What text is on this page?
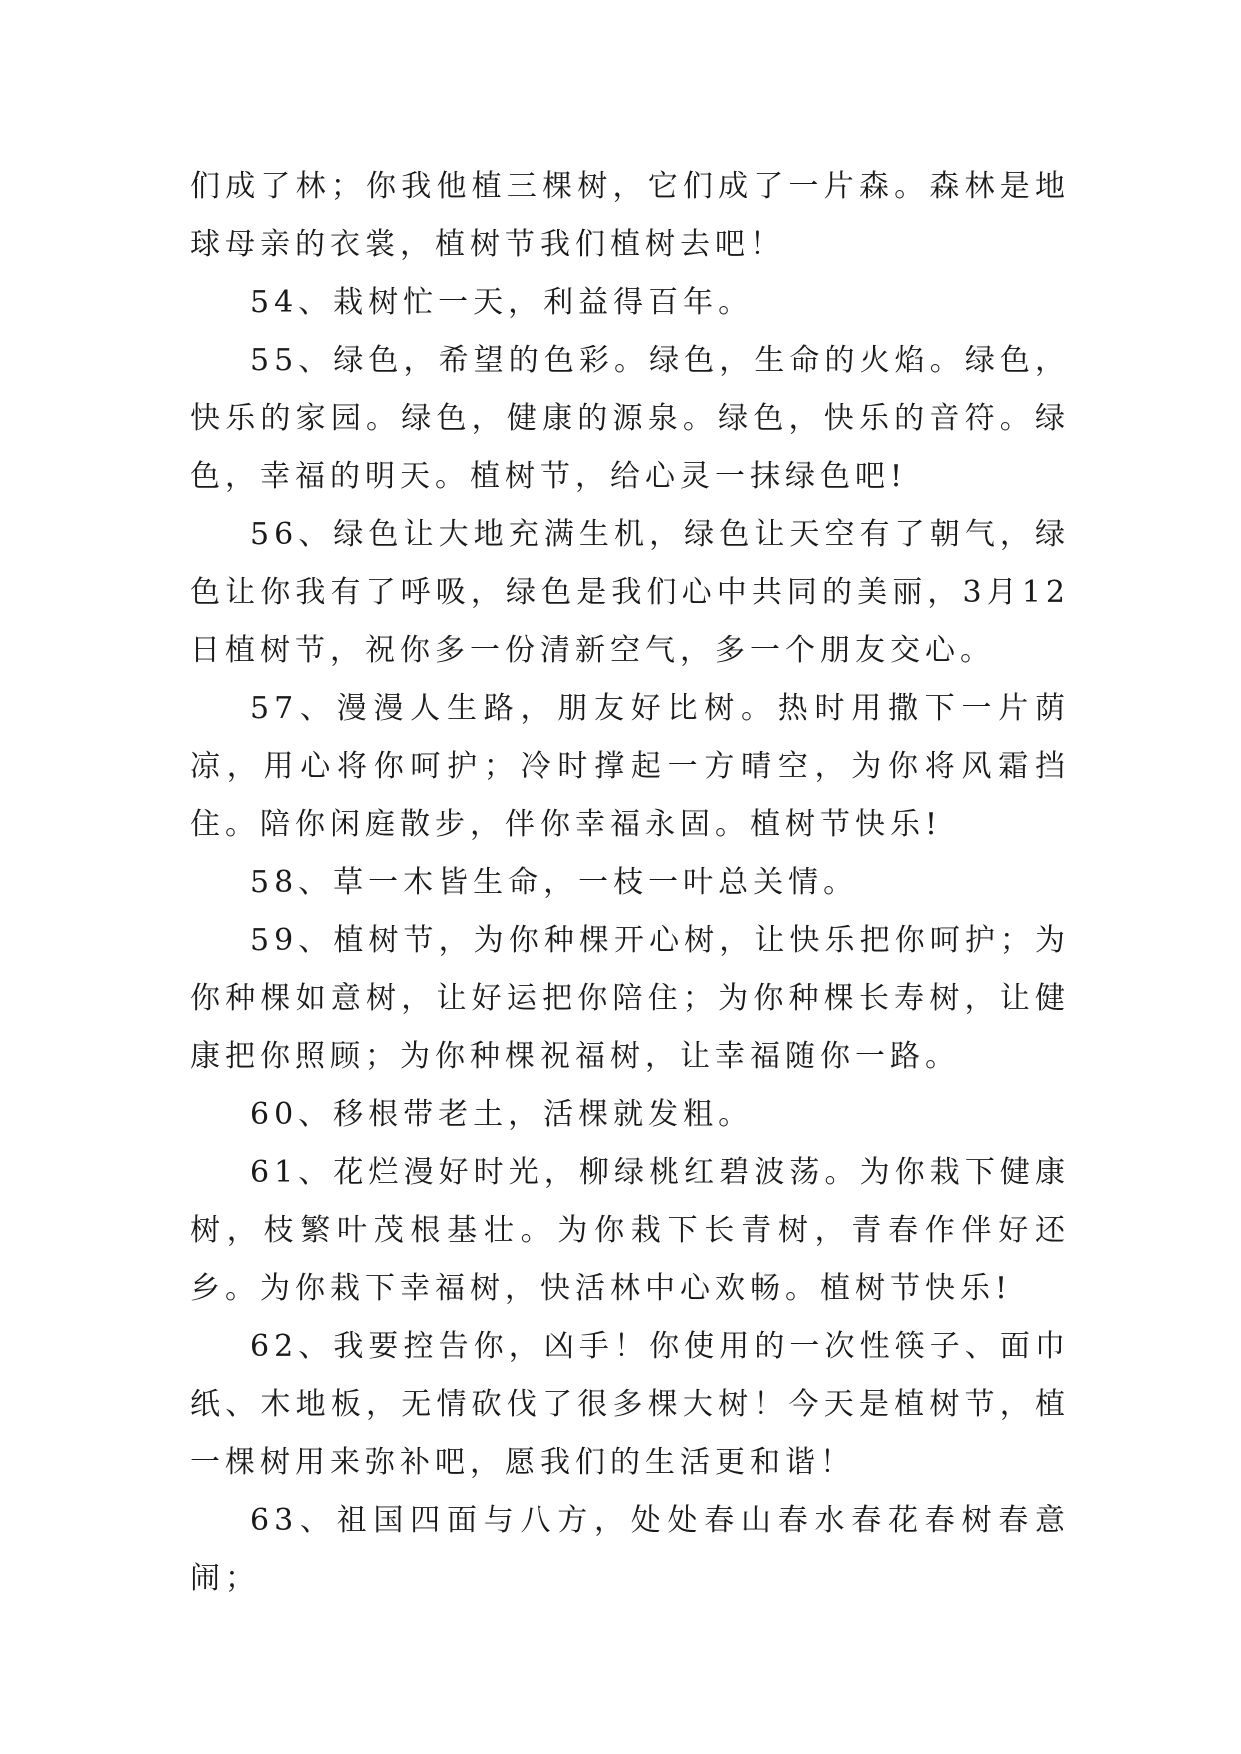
们成了林；你我他植三棵树，它们成了一片森。森林是地球母亲的衣裳，植树节我们植树去吧！

54、栽树忙一天，利益得百年。

55、绿色，希望的色彩。绿色，生命的火焰。绿色，快乐的家园。绿色，健康的源泉。绿色，快乐的音符。绿色，幸福的明天。植树节，给心灵一抹绿色吧!

56、绿色让大地充满生机，绿色让天空有了朝气，绿色让你我有了呼吸，绿色是我们心中共同的美丽，3月12日植树节，祝你多一份清新空气，多一个朋友交心。

57、漫漫人生路，朋友好比树。热时用撒下一片荫凉，用心将你呵护；冷时撑起一方晴空，为你将风霜挡住。陪你闲庭散步，伴你幸福永固。植树节快乐!

58、草一木皆生命，一枝一叶总关情。

59、植树节，为你种棵开心树，让快乐把你呵护；为你种棵如意树，让好运把你陪住；为你种棵长寿树，让健康把你照顾；为你种棵祝福树，让幸福随你一路。

60、移根带老土，活棵就发粗。

61、花烂漫好时光，柳绿桃红碧波荡。为你栽下健康树，枝繁叶茂根基壮。为你栽下长青树，青春作伴好还乡。为你栽下幸福树，快活林中心欢畅。植树节快乐!

62、我要控告你，凶手！你使用的一次性筷子、面巾纸、木地板，无情砍伐了很多棵大树！今天是植树节，植一棵树用来弥补吧，愿我们的生活更和谐！

63、祖国四面与八方，处处春山春水春花春树春意闹；
